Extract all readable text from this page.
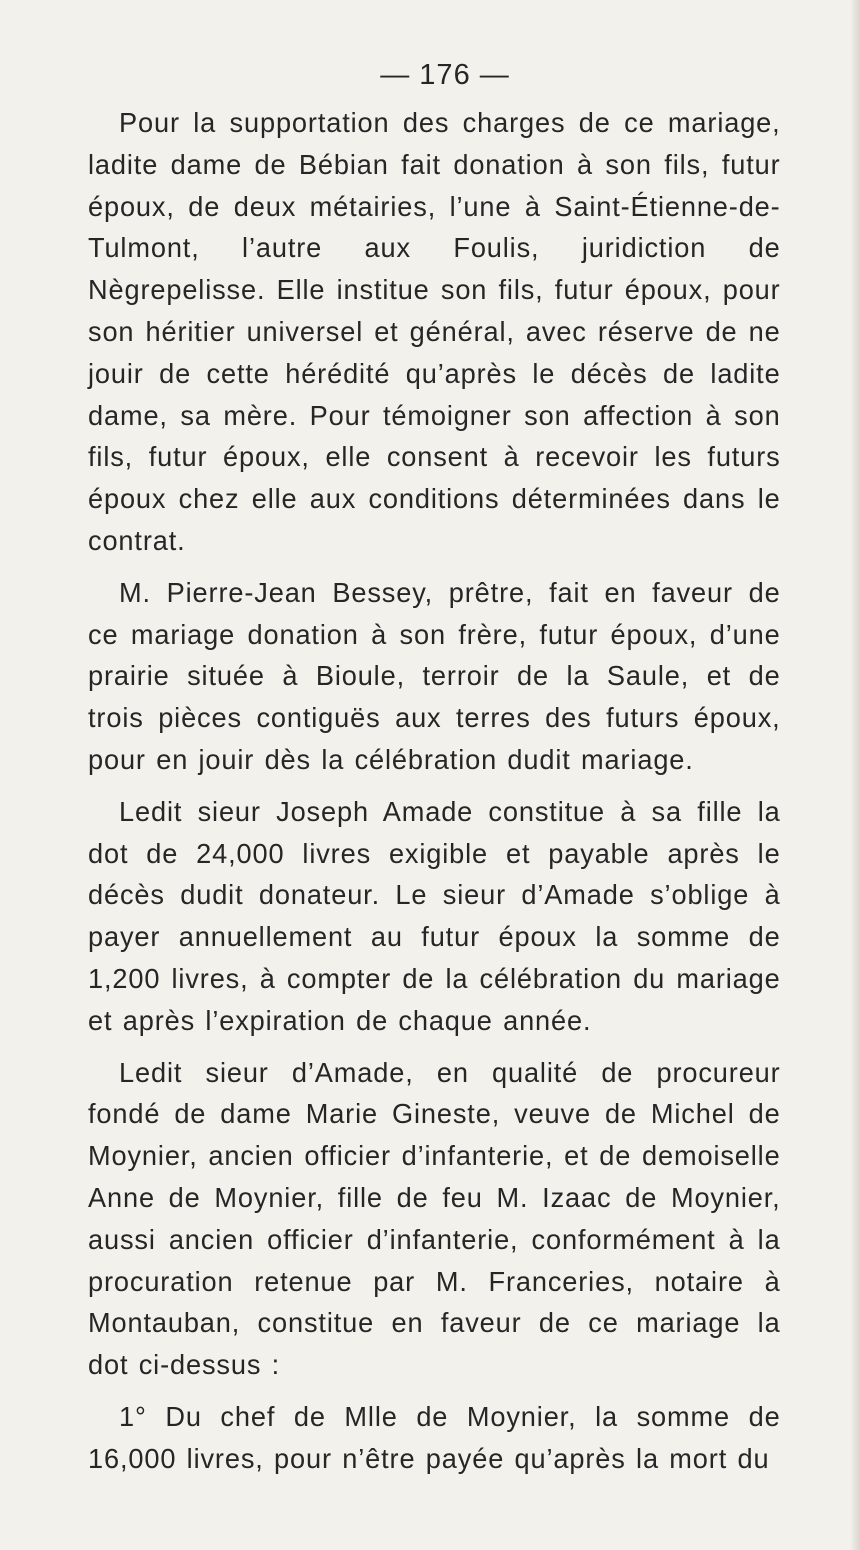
— 176 —

Pour la supportation des charges de ce mariage, ladite dame de Bébian fait donation à son fils, futur époux, de deux métairies, l’une à Saint-Étienne-de-Tulmont, l’autre aux Foulis, juridiction de Nègrepelisse. Elle institue son fils, futur époux, pour son héritier universel et général, avec réserve de ne jouir de cette hérédité qu’après le décès de ladite dame, sa mère. Pour témoigner son affection à son fils, futur époux, elle consent à recevoir les futurs époux chez elle aux conditions déterminées dans le contrat.

M. Pierre-Jean Bessey, prêtre, fait en faveur de ce mariage donation à son frère, futur époux, d’une prairie située à Bioule, terroir de la Saule, et de trois pièces contiguës aux terres des futurs époux, pour en jouir dès la célébration dudit mariage.

Ledit sieur Joseph Amade constitue à sa fille la dot de 24,000 livres exigible et payable après le décès dudit donateur. Le sieur d’Amade s’oblige à payer annuellement au futur époux la somme de 1,200 livres, à compter de la célébration du mariage et après l’expiration de chaque année.

Ledit sieur d’Amade, en qualité de procureur fondé de dame Marie Gineste, veuve de Michel de Moynier, ancien officier d’infanterie, et de demoiselle Anne de Moynier, fille de feu M. Izaac de Moynier, aussi ancien officier d’infanterie, conformément à la procuration retenue par M. Franceries, notaire à Montauban, constitue en faveur de ce mariage la dot ci-dessus :

1° Du chef de Mlle de Moynier, la somme de 16,000 livres, pour n’être payée qu’après la mort du
